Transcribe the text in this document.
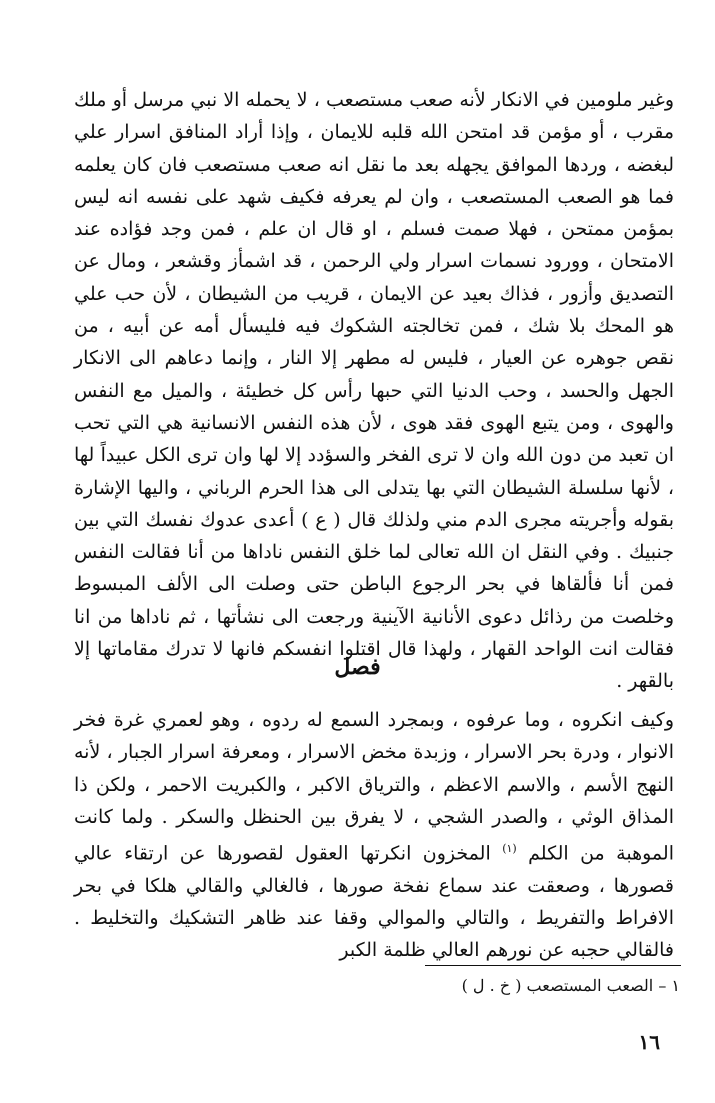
وغير ملومين في الانكار لأنه صعب مستصعب ، لا يحمله الا نبي مرسل أو ملك مقرب ، أو مؤمن قد امتحن الله قلبه للايمان ، وإذا أراد المنافق اسرار علي لبغضه ، وردها الموافق يجهله بعد ما نقل انه صعب مستصعب فان كان يعلمه فما هو الصعب المستصعب ، وان لم يعرفه فكيف شهد على نفسه انه ليس بمؤمن ممتحن ، فهلا صمت فسلم ، او قال ان علم ، فمن وجد فؤاده عند الامتحان ، وورود نسمات اسرار ولي الرحمن ، قد اشمأز وقشعر ، ومال عن التصديق وأزور ، فذاك بعيد عن الايمان ، قريب من الشيطان ، لأن حب علي هو المحك بلا شك ، فمن تخالجته الشكوك فيه فليسأل أمه عن أبيه ، من نقص جوهره عن العيار ، فليس له مطهر إلا النار ، وإنما دعاهم الى الانكار الجهل والحسد ، وحب الدنيا التي حبها رأس كل خطيئة ، والميل مع النفس والهوى ، ومن يتبع الهوى فقد هوى ، لأن هذه النفس الانسانية هي التي تحب ان تعبد من دون الله وان لا ترى الفخر والسؤدد إلا لها وان ترى الكل عبيداً لها ، لأنها سلسلة الشيطان التي بها يتدلى الى هذا الحرم الرباني ، واليها الإشارة بقوله وأجريته مجرى الدم مني ولذلك قال ( ع ) أعدى عدوك نفسك التي بين جنبيك . وفي النقل ان الله تعالى لما خلق النفس ناداها من أنا فقالت النفس فمن أنا فألقاها في بحر الرجوع الباطن حتى وصلت الى الألف المبسوط وخلصت من رذائل دعوى الأنانية الآينية ورجعت الى نشأتها ، ثم ناداها من انا فقالت انت الواحد القهار ، ولهذا قال اقتلوا انفسكم فانها لا تدرك مقاماتها إلا بالقهر .

فصل

وكيف انكروه ، وما عرفوه ، وبمجرد السمع له ردوه ، وهو لعمري غرة فخر الانوار ، ودرة بحر الاسرار ، وزبدة مخض الاسرار ، ومعرفة اسرار الجبار ، لأنه النهج الأسم ، والاسم الاعظم ، والترياق الاكبر ، والكبريت الاحمر ، ولكن ذا المذاق الوثي ، والصدر الشجي ، لا يفرق بين الحنظل والسكر . ولما كانت الموهبة من الكلم $^{(١)}$ المخزون انكرتها العقول لقصورها عن ارتقاء عالي قصورها ، وصعقت عند سماع نفخة صورها ، فالغالي والقالي هلكا في بحر الافراط والتفريط ، والتالي والموالي وقفا عند ظاهر التشكيك والتخليط . فالقالي حجبه عن نورهم العالي ظلمة الكبر

١ – الصعب المستصعب ( خ . ل )

١٦
